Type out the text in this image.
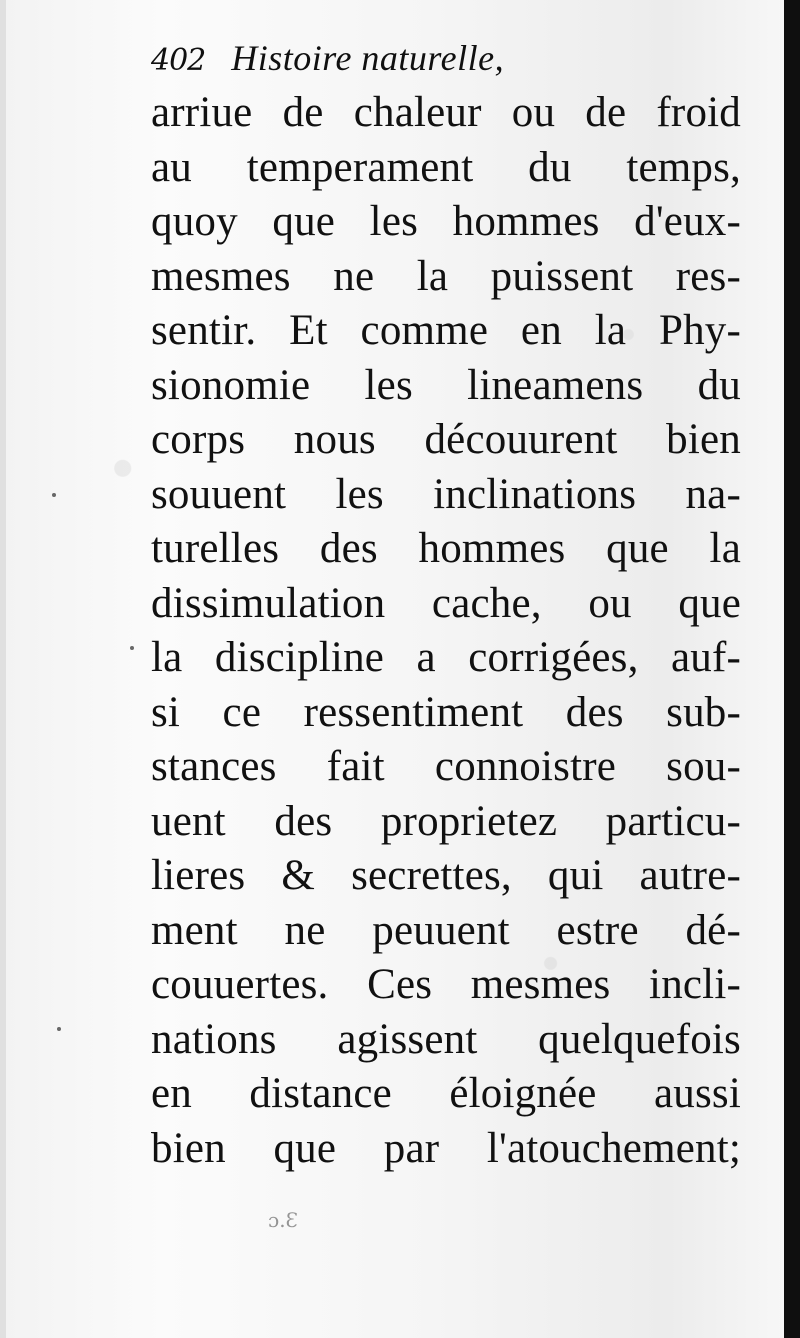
402 Histoire naturelle,
arriue de chaleur ou de froid
au temperament du temps,
quoy que les hommes d'eux-
mesmes ne la puissent res-
sentir. Et comme en la Phy-
sionomie les lineamens du
corps nous découurent bien
souuent les inclinations na-
turelles des hommes que la
dissimulation cache, ou que
la discipline a corrigées, auf-
si ce ressentiment des sub-
stances fait connoistre sou-
uent des proprietez particu-
lieres & secrettes, qui autre-
ment ne peuuent estre dé-
couuertes. Ces mesmes incli-
nations agissent quelquefois
en distance éloignée aussi
bien que par l'atouchement;
ɔ.Ɛ
